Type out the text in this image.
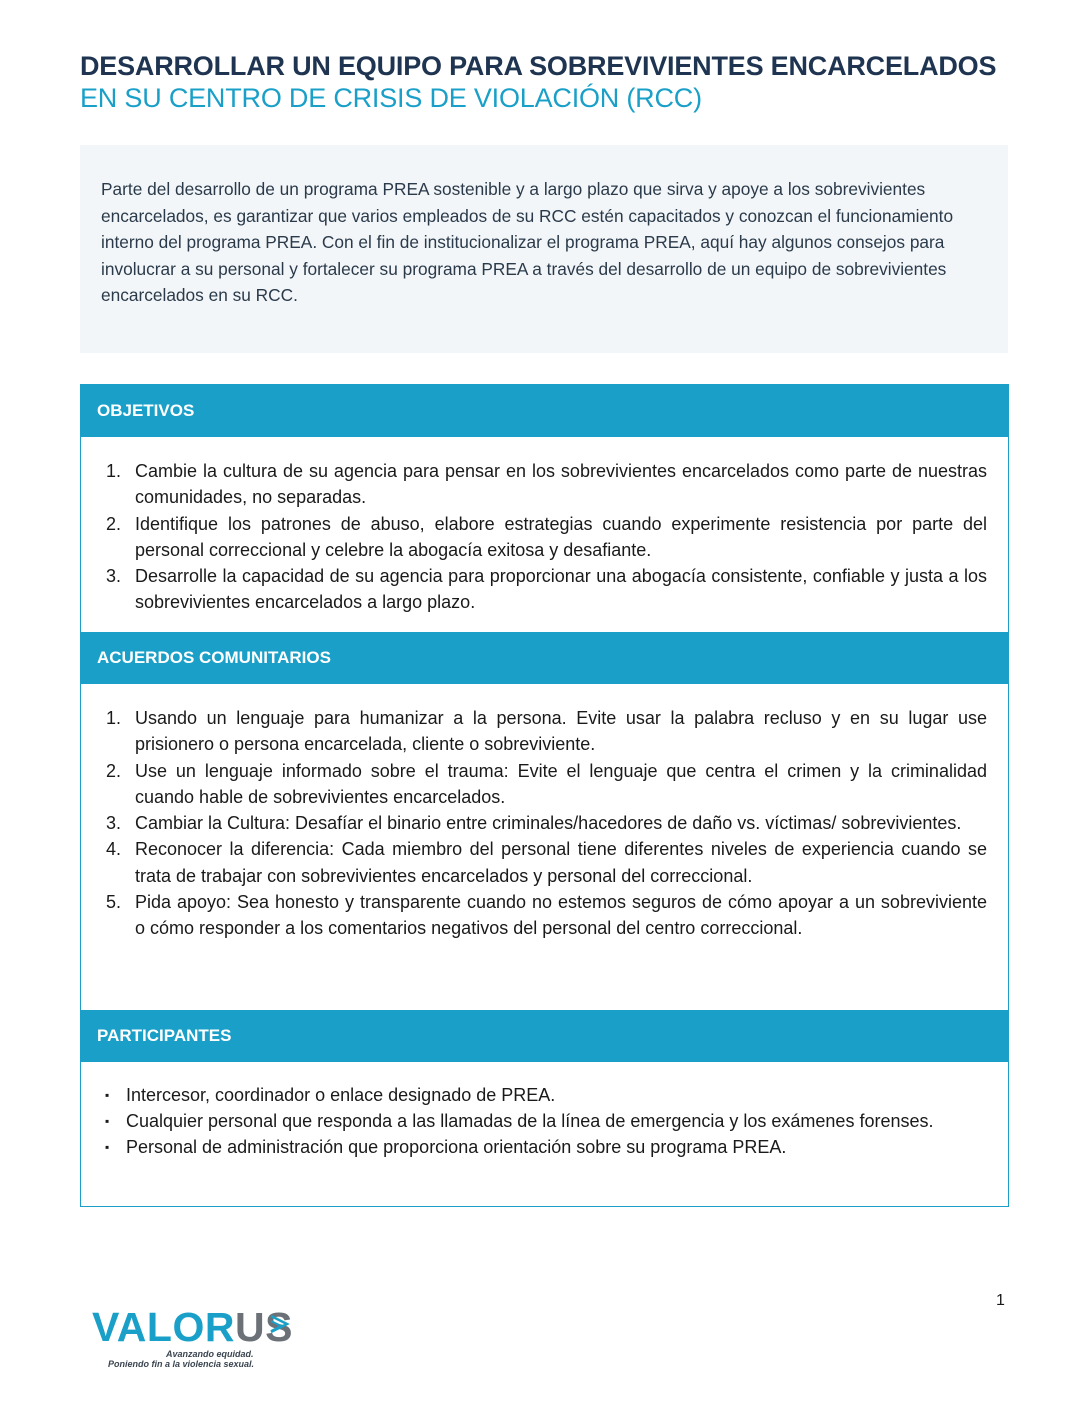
DESARROLLAR UN EQUIPO PARA SOBREVIVIENTES ENCARCELADOS
EN SU CENTRO DE CRISIS DE VIOLACIÓN (RCC)

Parte del desarrollo de un programa PREA sostenible y a largo plazo que sirva y apoye a los sobrevivientes encarcelados, es garantizar que varios empleados de su RCC estén capacitados y conozcan el funcionamiento interno del programa PREA. Con el fin de institucionalizar el programa PREA, aquí hay algunos consejos para involucrar a su personal y fortalecer su programa PREA a través del desarrollo de un equipo de sobrevivientes encarcelados en su RCC.

OBJETIVOS
1. Cambie la cultura de su agencia para pensar en los sobrevivientes encarcelados como parte de nuestras comunidades, no separadas.
2. Identifique los patrones de abuso, elabore estrategias cuando experimente resistencia por parte del personal correccional y celebre la abogacía exitosa y desafiante.
3. Desarrolle la capacidad de su agencia para proporcionar una abogacía consistente, confiable y justa a los sobrevivientes encarcelados a largo plazo.
ACUERDOS COMUNITARIOS
1. Usando un lenguaje para humanizar a la persona. Evite usar la palabra recluso y en su lugar use prisionero o persona encarcelada, cliente o sobreviviente.
2. Use un lenguaje informado sobre el trauma: Evite el lenguaje que centra el crimen y la criminalidad cuando hable de sobrevivientes encarcelados.
3. Cambiar la Cultura: Desafíar el binario entre criminales/hacedores de daño vs. víctimas/ sobrevivientes.
4. Reconocer la diferencia: Cada miembro del personal tiene diferentes niveles de experiencia cuando se trata de trabajar con sobrevivientes encarcelados y personal del correccional.
5. Pida apoyo: Sea honesto y transparente cuando no estemos seguros de cómo apoyar a un sobreviviente o cómo responder a los comentarios negativos del personal del centro correccional.
PARTICIPANTES
▪ Intercesor, coordinador o enlace designado de PREA.
▪ Cualquier personal que responda a las llamadas de la línea de emergencia y los exámenes forenses.
▪ Personal de administración que proporciona orientación sobre su programa PREA.
VALORUS
Avanzando equidad.
Poniendo fin a la violencia sexual.
1
